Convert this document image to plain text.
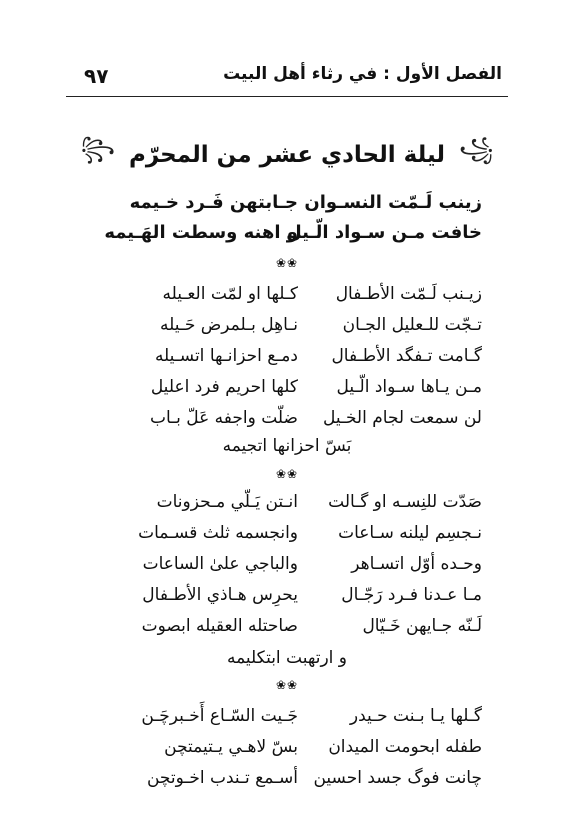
٩٧	الفصل الأول : في رثاء أهل البيت
꧁
ليلة الحادي عشر من المحرّم
꧂
زينب لَـمّت النسـوان
جـابتهن فَـرد خـيمه
خافت مـن سـواد الّـيل
و اهنه وسطت الهَـيمه
❀❀
زيـنب لَـمّت الأطـفال
كـلها او لمّت العـيله
تـجّت للـعليل الجـان
نـاهِل بـلمرض حَـيله
گـامت تـفگد الأطـفال
دمـع احزانـها اتسـيله
مـن يـاها سـواد الّـيل
كلها احريم فرد اعليل
لن سمعت لجام الخـيل
ضلّت واجفه عَلّ بـاب
بَسّ احزانها اتجيمه
❀❀
صَدّت للنِسـه او گـالت
انـتن يَـلّي مـحزونات
نـجسِم ليلنه سـاعات
وانجسمه ثلث قسـمات
وحـده أوّل اتسـاهر
والباجي علىٰ الساعات
مـا عـدنا فـرد رَجّـال
يحرِس هـاذي الأطـفال
لَـنّه جـايهن خَـيّال
صاحتله العقيله ابصوت
و ارتهبت ابتكليمه
❀❀
گـلها يـا بـنت حـيدر
جَـيت السّـاع أَخـبرچَـن
طفله ابحومت الميدان
بسّ لاهـي يـتيمتچن
چانت فوگ جسد احسين
أسـمع تـندب اخـوتچن
